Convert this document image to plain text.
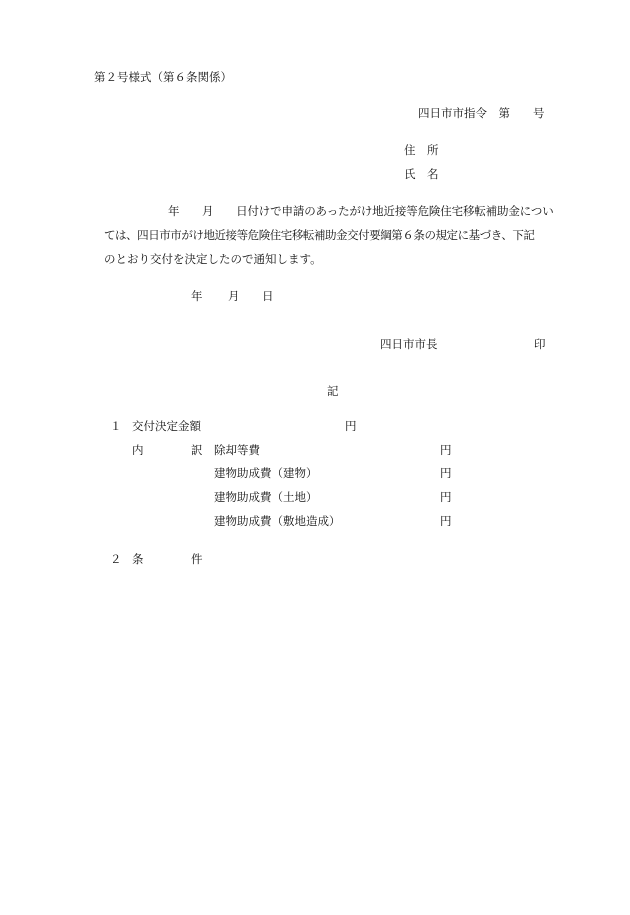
第２号様式（第６条関係）
四日市市指令　第　　号
住　所
氏　名
年　　月　　日付けで申請のあったがけ地近接等危険住宅移転補助金につい
ては、四日市市がけ地近接等危険住宅移転補助金交付要綱第６条の規定に基づき、下記
のとおり交付を決定したので通知します。
年 月 日
四日市市長	印
記
１ 交付決定金額	円
内	訳 除却等費	円
建物助成費（建物）	円
建物助成費（土地）	円
建物助成費（敷地造成）	円
２ 条	件
